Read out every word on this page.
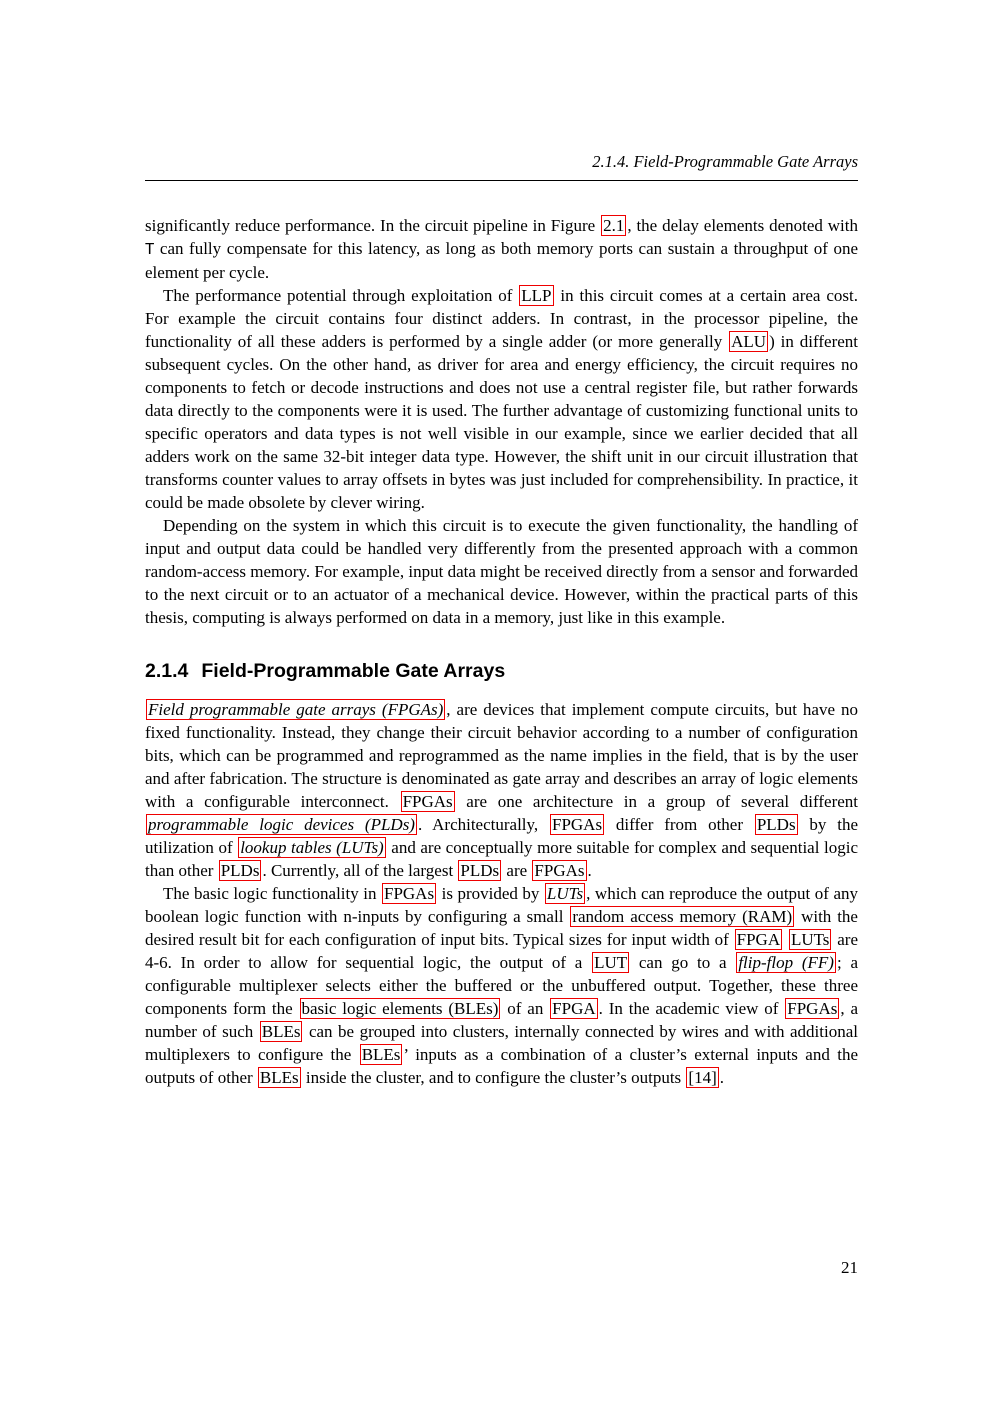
2.1.4. Field-Programmable Gate Arrays

significantly reduce performance. In the circuit pipeline in Figure 2.1 , the delay elements denoted with T can fully compensate for this latency, as long as both memory ports can sustain a throughput of one element per cycle.

The performance potential through exploitation of LLP in this circuit comes at a certain area cost. For example the circuit contains four distinct adders. In contrast, in the processor pipeline, the functionality of all these adders is performed by a single adder (or more generally ALU ) in different subsequent cycles. On the other hand, as driver for area and energy efficiency, the circuit requires no components to fetch or decode instructions and does not use a central register file, but rather forwards data directly to the components were it is used. The further advantage of customizing functional units to specific operators and data types is not well visible in our example, since we earlier decided that all adders work on the same 32-bit integer data type. However, the shift unit in our circuit illustration that transforms counter values to array offsets in bytes was just included for comprehensibility. In practice, it could be made obsolete by clever wiring.

Depending on the system in which this circuit is to execute the given functionality, the handling of input and output data could be handled very differently from the presented approach with a common random-access memory. For example, input data might be received directly from a sensor and forwarded to the next circuit or to an actuator of a mechanical device. However, within the practical parts of this thesis, computing is always performed on data in a memory, just like in this example.

2.1.4 Field-Programmable Gate Arrays

Field programmable gate arrays (FPGAs) , are devices that implement compute circuits, but have no fixed functionality. Instead, they change their circuit behavior according to a number of configuration bits, which can be programmed and reprogrammed as the name implies in the field, that is by the user and after fabrication. The structure is denominated as gate array and describes an array of logic elements with a configurable interconnect. FPGAs are one architecture in a group of several different programmable logic devices (PLDs) . Architecturally, FPGAs differ from other PLDs by the utilization of lookup tables (LUTs) and are conceptually more suitable for complex and sequential logic than other PLDs . Currently, all of the largest PLDs are FPGAs .

The basic logic functionality in FPGAs is provided by LUTs , which can reproduce the output of any boolean logic function with n-inputs by configuring a small random access memory (RAM) with the desired result bit for each configuration of input bits. Typical sizes for input width of FPGA LUTs are 4-6. In order to allow for sequential logic, the output of a LUT can go to a flip-flop (FF) ; a configurable multiplexer selects either the buffered or the unbuffered output. Together, these three components form the basic logic elements (BLEs) of an FPGA . In the academic view of FPGAs , a number of such BLEs can be grouped into clusters, internally connected by wires and with additional multiplexers to configure the BLEs ’ inputs as a combination of a cluster’s external inputs and the outputs of other BLEs inside the cluster, and to configure the cluster’s outputs [14] .

21
